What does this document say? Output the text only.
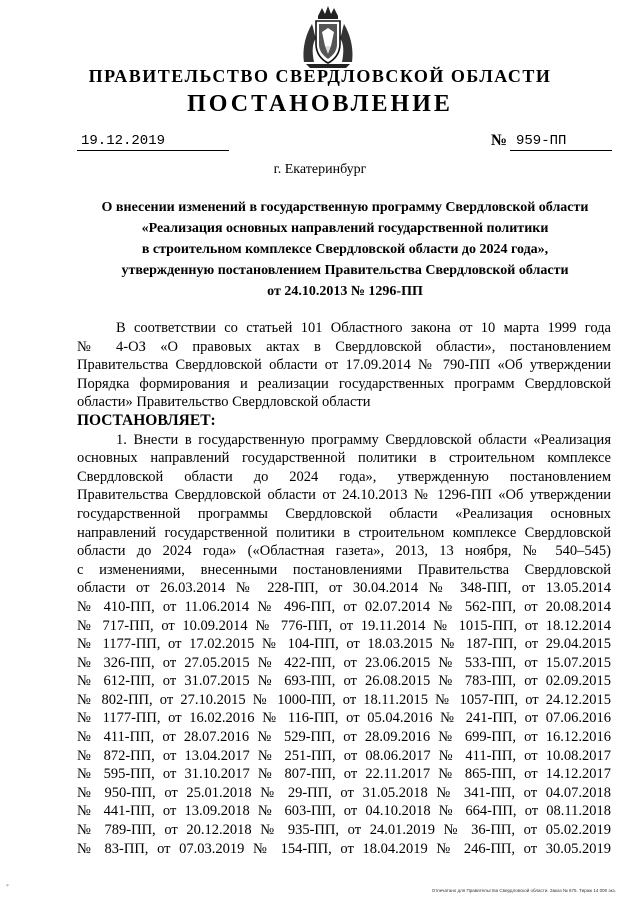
ПРАВИТЕЛЬСТВО СВЕРДЛОВСКОЙ ОБЛАСТИ
ПОСТАНОВЛЕНИЕ
19.12.2019	№ 959-ПП
г. Екатеринбург
О внесении изменений в государственную программу Свердловской области
«Реализация основных направлений государственной политики
в строительном комплексе Свердловской области до 2024 года»,
утвержденную постановлением Правительства Свердловской области
от 24.10.2013 № 1296-ПП
В соответствии со статьей 101 Областного закона от 10 марта 1999 года
№ 4-ОЗ «О правовых актах в Свердловской области», постановлением
Правительства Свердловской области от 17.09.2014 № 790-ПП «Об утверждении
Порядка формирования и реализации государственных программ Свердловской
области» Правительство Свердловской области
ПОСТАНОВЛЯЕТ:
1. Внести в государственную программу Свердловской области «Реализация
основных направлений государственной политики в строительном комплексе
Свердловской области до 2024 года», утвержденную постановлением
Правительства Свердловской области от 24.10.2013 № 1296-ПП «Об утверждении
государственной программы Свердловской области «Реализация основных
направлений государственной политики в строительном комплексе Свердловской
области до 2024 года» («Областная газета», 2013, 13 ноября, № 540–545)
с изменениями, внесенными постановлениями Правительства Свердловской
области от 26.03.2014 № 228-ПП, от 30.04.2014 № 348-ПП, от 13.05.2014
№ 410-ПП, от 11.06.2014 № 496-ПП, от 02.07.2014 № 562-ПП, от 20.08.2014
№ 717-ПП, от 10.09.2014 № 776-ПП, от 19.11.2014 № 1015-ПП, от 18.12.2014
№ 1177-ПП, от 17.02.2015 № 104-ПП, от 18.03.2015 № 187-ПП, от 29.04.2015
№ 326-ПП, от 27.05.2015 № 422-ПП, от 23.06.2015 № 533-ПП, от 15.07.2015
№ 612-ПП, от 31.07.2015 № 693-ПП, от 26.08.2015 № 783-ПП, от 02.09.2015
№ 802-ПП, от 27.10.2015 № 1000-ПП, от 18.11.2015 № 1057-ПП, от 24.12.2015
№ 1177-ПП, от 16.02.2016 № 116-ПП, от 05.04.2016 № 241-ПП, от 07.06.2016
№ 411-ПП, от 28.07.2016 № 529-ПП, от 28.09.2016 № 699-ПП, от 16.12.2016
№ 872-ПП, от 13.04.2017 № 251-ПП, от 08.06.2017 № 411-ПП, от 10.08.2017
№ 595-ПП, от 31.10.2017 № 807-ПП, от 22.11.2017 № 865-ПП, от 14.12.2017
№ 950-ПП, от 25.01.2018 № 29-ПП, от 31.05.2018 № 341-ПП, от 04.07.2018
№ 441-ПП, от 13.09.2018 № 603-ПП, от 04.10.2018 № 664-ПП, от 08.11.2018
№ 789-ПП, от 20.12.2018 № 935-ПП, от 24.01.2019 № 36-ПП, от 05.02.2019
№ 83-ПП, от 07.03.2019 № 154-ПП, от 18.04.2019 № 246-ПП, от 30.05.2019
*
Отпечатано для Правительства Свердловской области. Заказ № 675. Тираж 14 000 экз.
